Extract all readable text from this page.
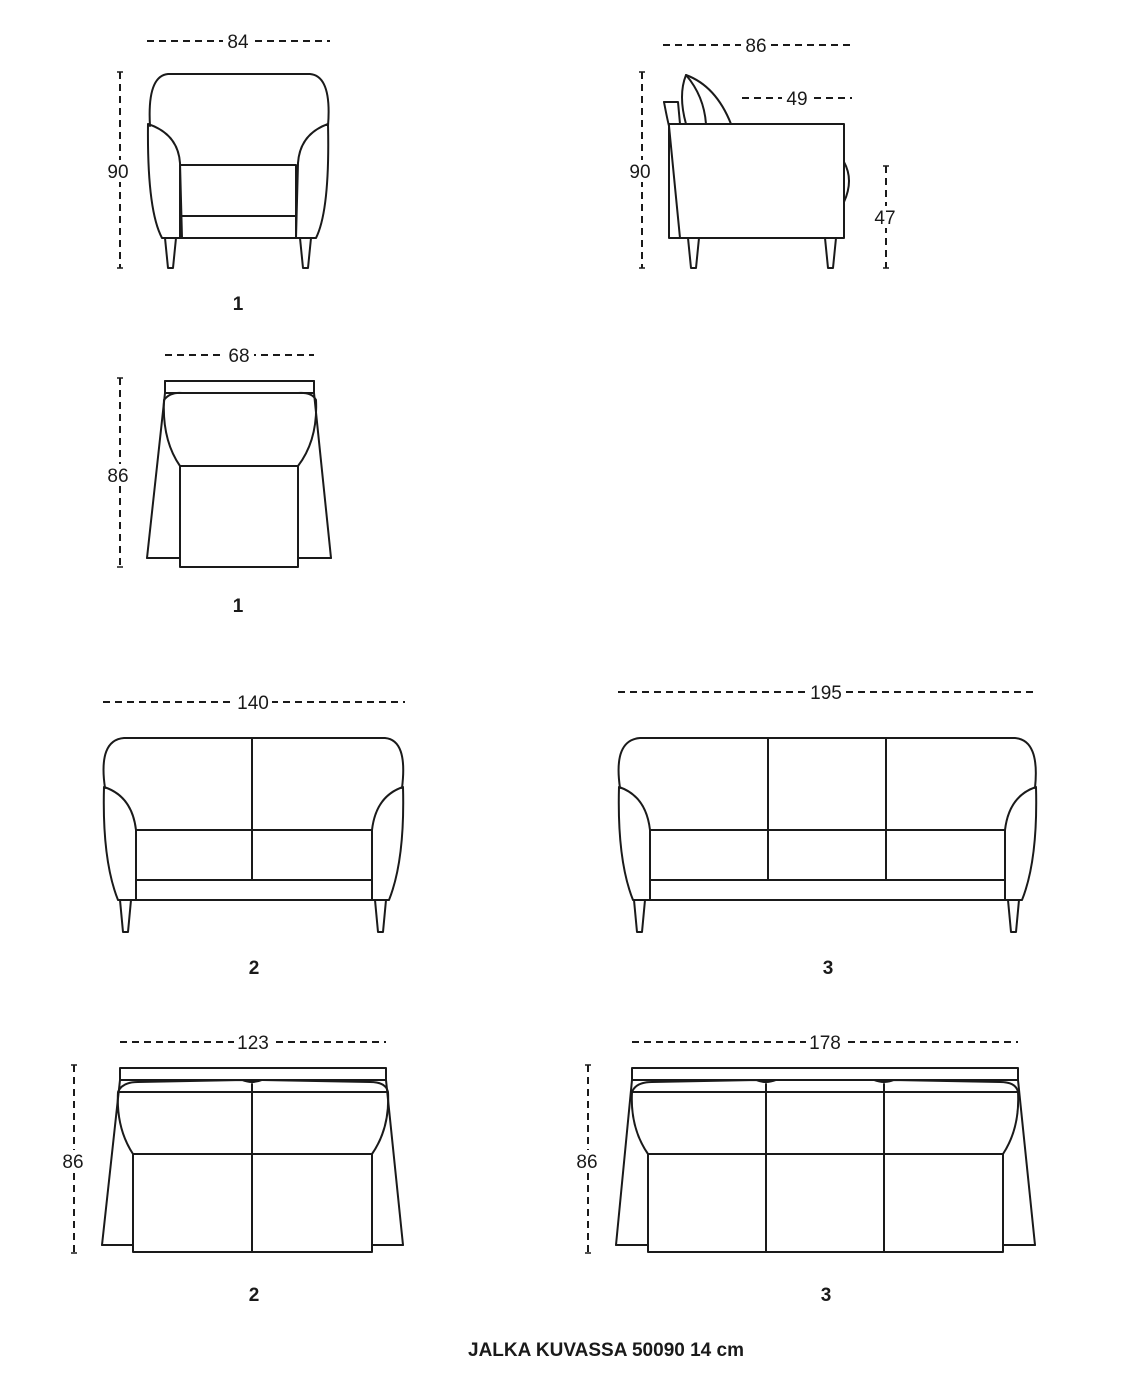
84
90
1
86
49
90
47
68
86
1
140
2
195
3
123
86
2
178
86
3
JALKA KUVASSA 50090 14 cm
